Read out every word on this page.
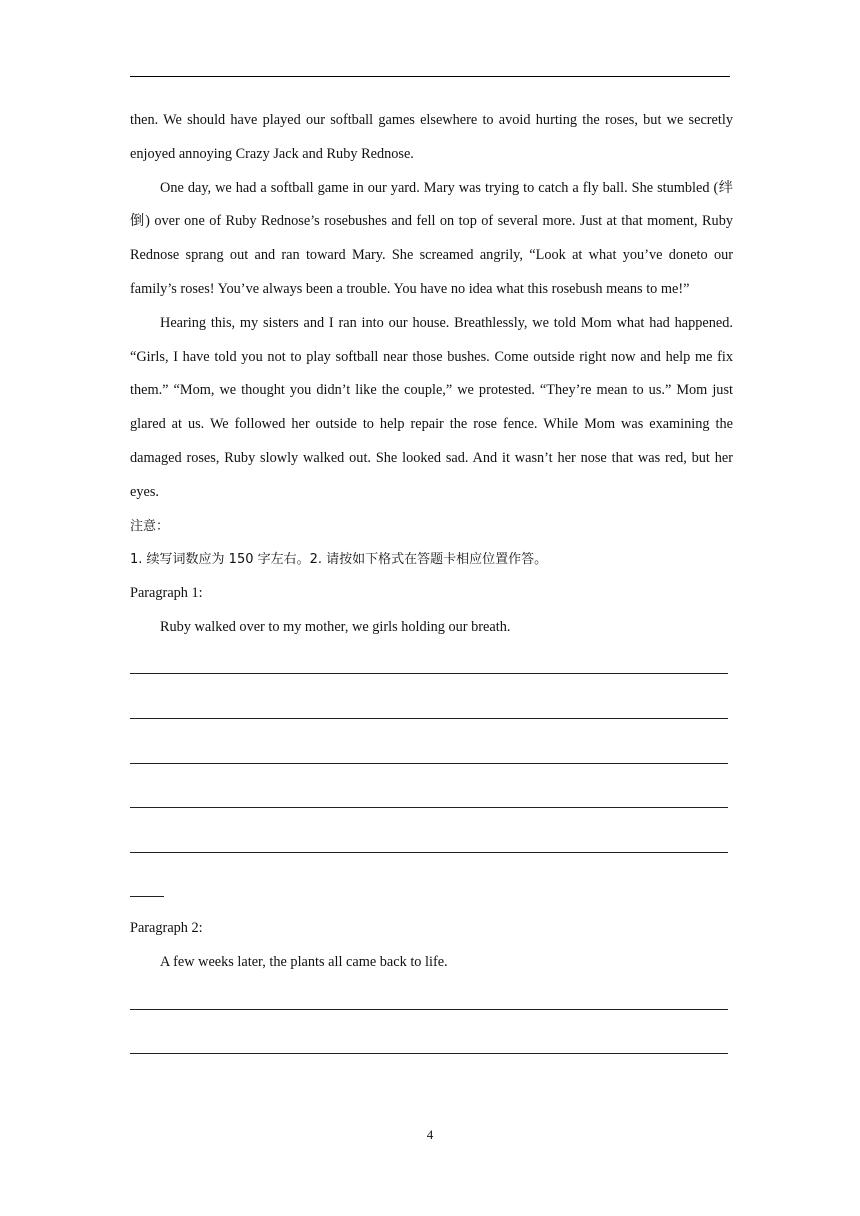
then. We should have played our softball games elsewhere to avoid hurting the roses, but we secretly enjoyed annoying Crazy Jack and Ruby Rednose.

One day, we had a softball game in our yard. Mary was trying to catch a fly ball. She stumbled (绊倒) over one of Ruby Rednose’s rosebushes and fell on top of several more. Just at that moment, Ruby Rednose sprang out and ran toward Mary. She screamed angrily, “Look at what you’ve doneto our family’s roses! You’ve always been a trouble. You have no idea what this rosebush means to me!”

Hearing this, my sisters and I ran into our house. Breathlessly, we told Mom what had happened. “Girls, I have told you not to play softball near those bushes. Come outside right now and help me fix them.” “Mom, we thought you didn’t like the couple,” we protested. “They’re mean to us.” Mom just glared at us. We followed her outside to help repair the rose fence. While Mom was examining the damaged roses, Ruby slowly walked out. She looked sad. And it wasn’t her nose that was red, but her eyes.

注意：

1. 续写词数应为 150 字左右。2. 请按如下格式在答题卡相应位置作答。

Paragraph 1:

Ruby walked over to my mother, we girls holding our breath.

Paragraph 2:

A few weeks later, the plants all came back to life.

4
